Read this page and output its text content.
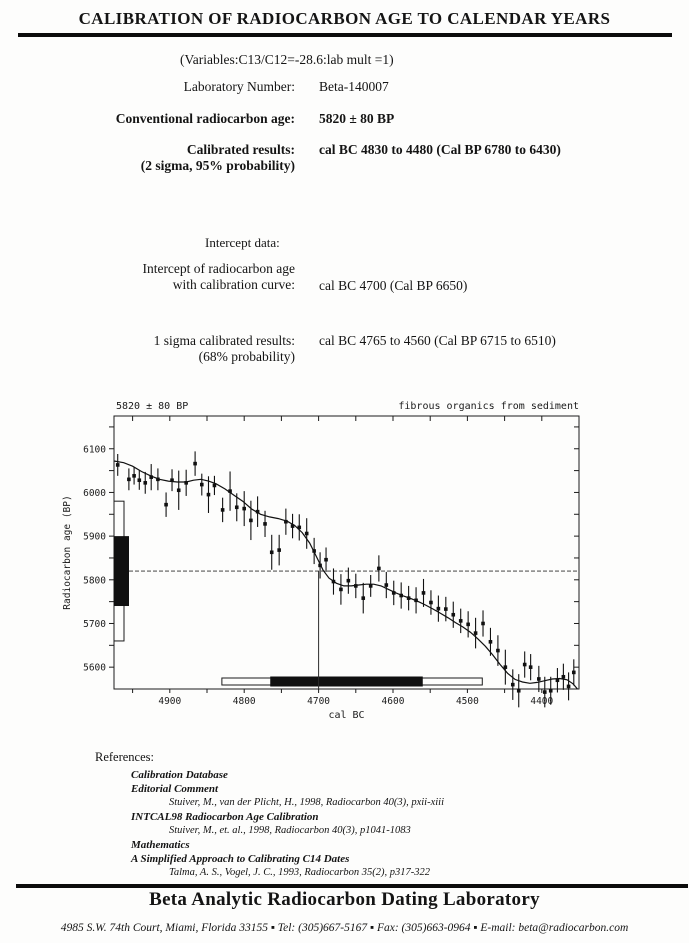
CALIBRATION OF RADIOCARBON AGE TO CALENDAR YEARS
(Variables:C13/C12=-28.6:lab mult =1)
Laboratory Number: Beta-140007
Conventional radiocarbon age: 5820 ± 80 BP
Calibrated results:
(2 sigma, 95% probability)
cal BC 4830 to 4480 (Cal BP 6780 to 6430)
Intercept data:
Intercept of radiocarbon age
with calibration curve: cal BC 4700 (Cal BP 6650)
1 sigma calibrated results:
(68% probability)
cal BC 4765 to 4560 (Cal BP 6715 to 6510)
4900	4800	4700	4600	4500	4400
6100
6000
5900
5800
5700
5600
cal BC
Radiocarbon age (BP)
5820 ± 80 BP	fibrous organics from sediment
References:
Calibration Database
Editorial Comment
Stuiver, M., van der Plicht, H., 1998, Radiocarbon 40(3), pxii-xiii
INTCAL98 Radiocarbon Age Calibration
Stuiver, M., et. al., 1998, Radiocarbon 40(3), p1041-1083
Mathematics
A Simplified Approach to Calibrating C14 Dates
Talma, A. S., Vogel, J. C., 1993, Radiocarbon 35(2), p317-322
Beta Analytic Radiocarbon Dating Laboratory
4985 S.W. 74th Court, Miami, Florida 33155 ▪ Tel: (305)667-5167 ▪ Fax: (305)663-0964 ▪ E-mail: beta@radiocarbon.com
